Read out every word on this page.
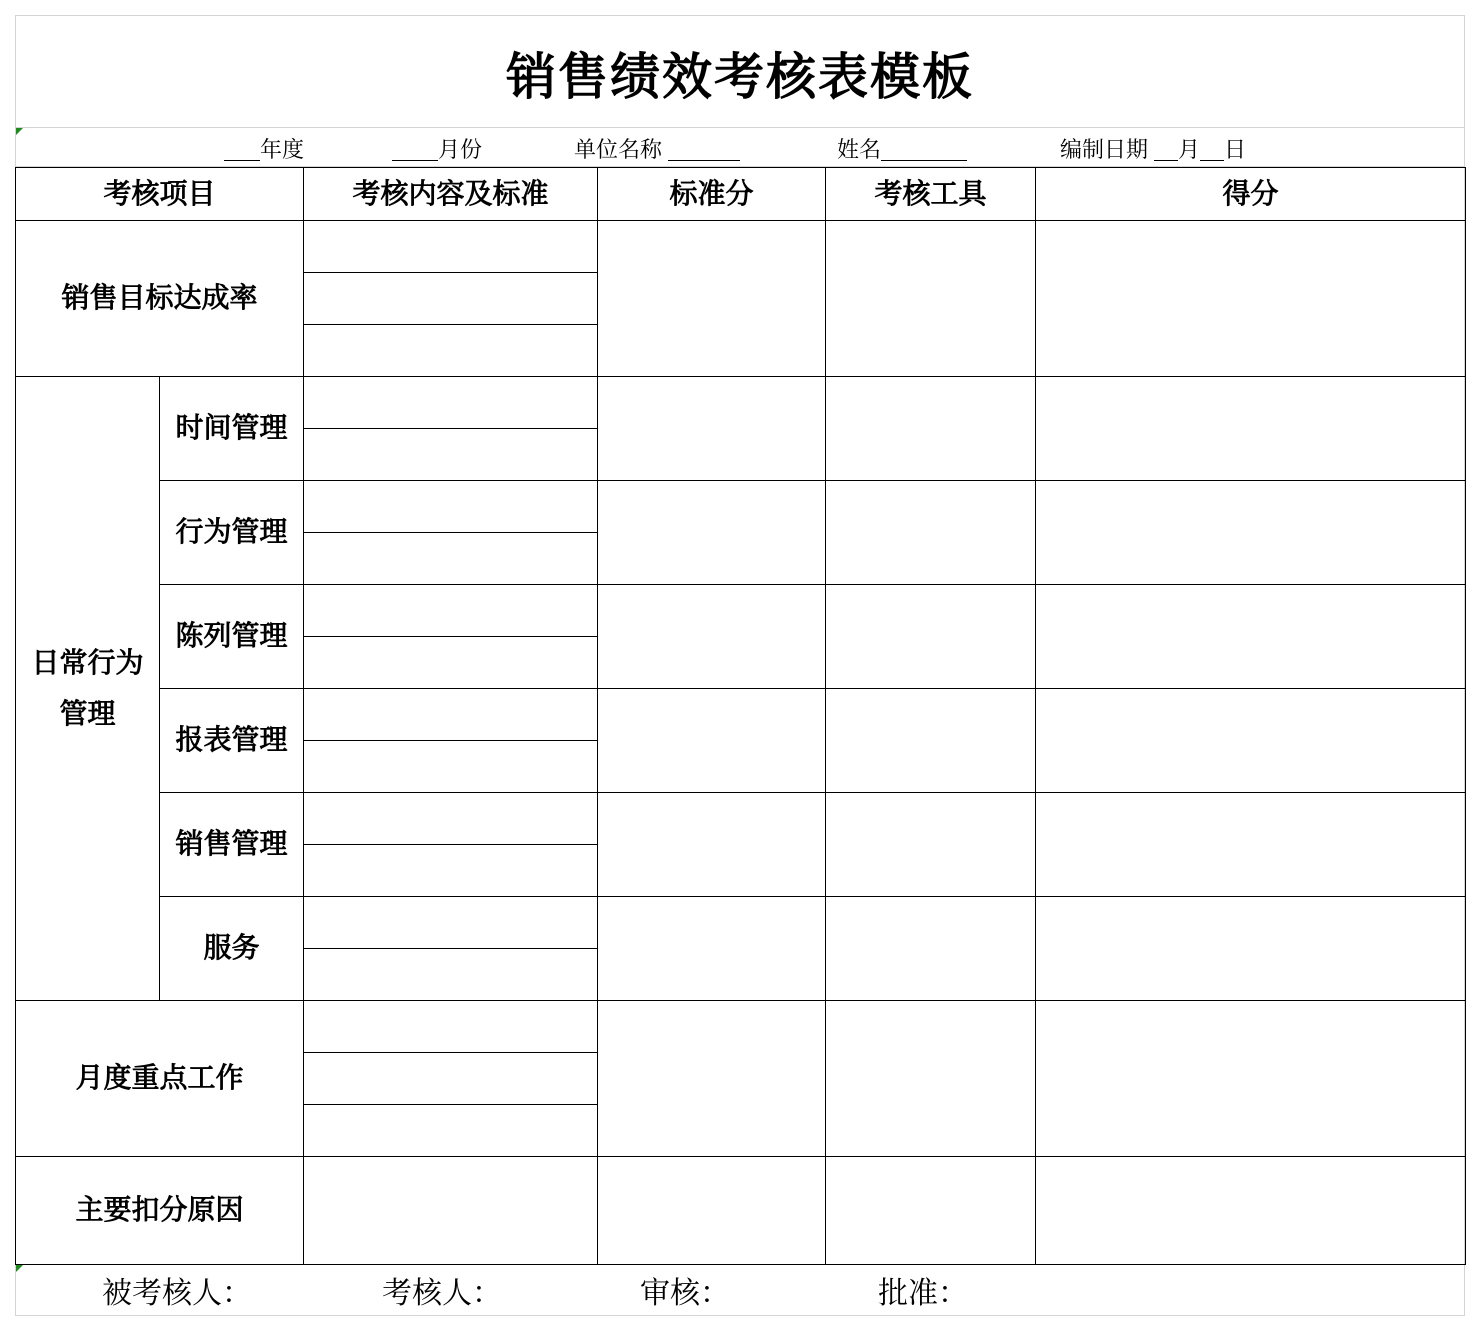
销售绩效考核表模板
年度	月份	单位名称	姓名	编制日期 月 日
考核项目		考核内容及标准	标准分	考核工具	得分
销售目标达成率					

日常行为管理	时间管理				

	行为管理				

	陈列管理				

	报表管理				

	销售管理				

	服务				

月度重点工作					

主要扣分原因					
被考核人：	考核人：	审核：	批准：
